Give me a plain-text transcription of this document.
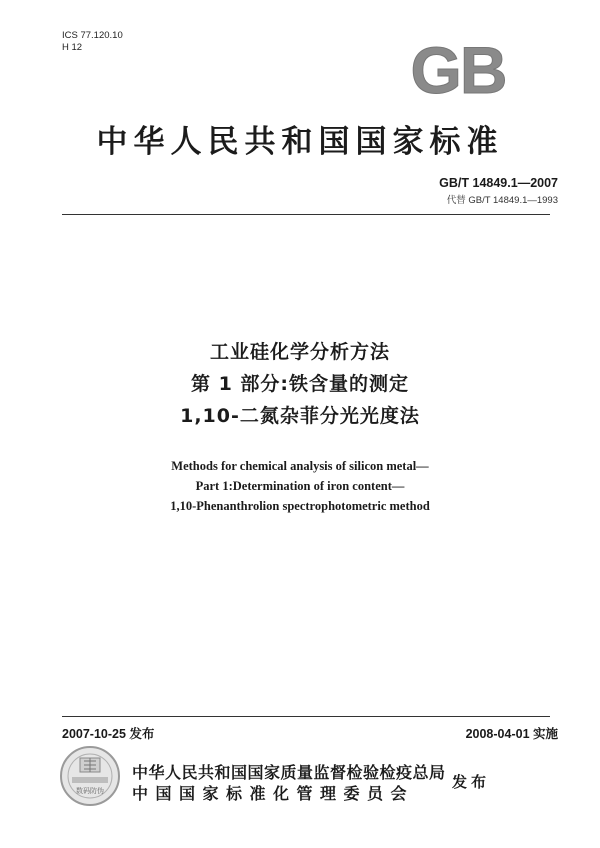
ICS 77.120.10
H 12	GB
中华人民共和国国家标准
GB/T 14849.1—2007
代替 GB/T 14849.1—1993
工业硅化学分析方法
第 1 部分:铁含量的测定
1,10-二氮杂菲分光光度法
Methods for chemical analysis of silicon metal—
Part 1:Determination of iron content—
1,10-Phenanthrolion spectrophotometric method
2007-10-25 发布	2008-04-01 实施
数码防伪
中华人民共和国国家质量监督检验检疫总局
中国国家标准化管理委员会
发布
